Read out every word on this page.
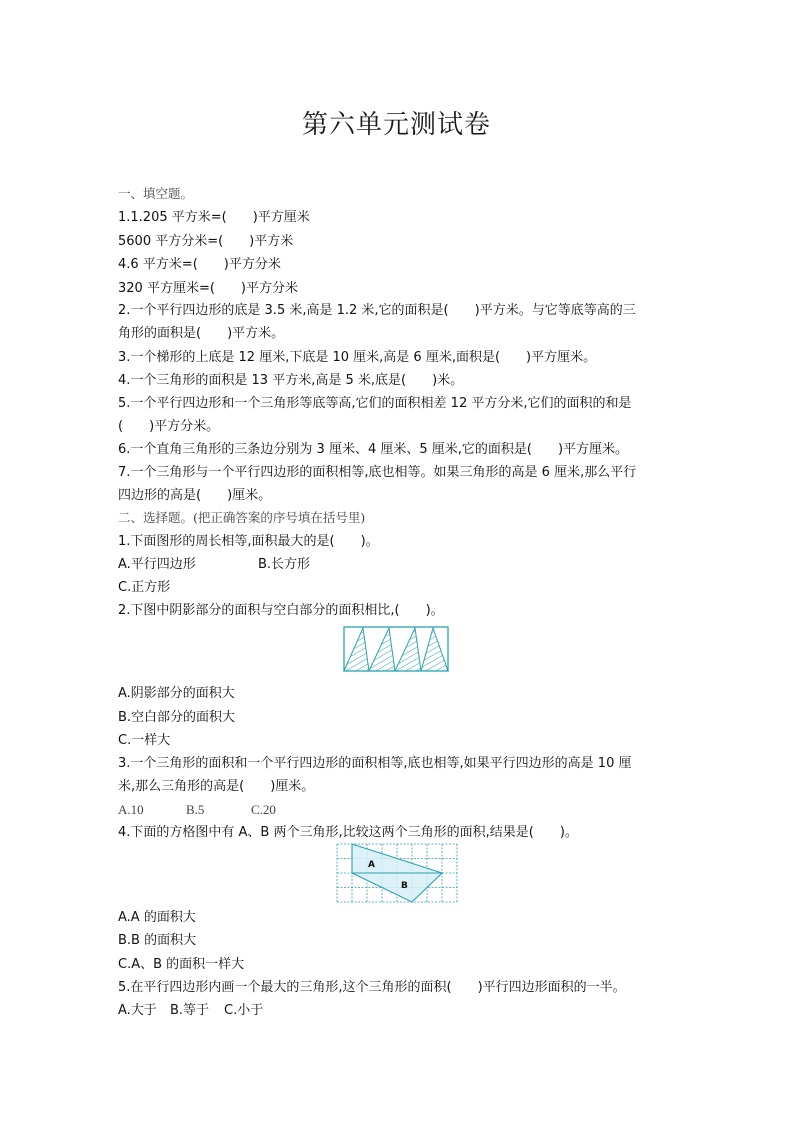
第六单元测试卷
一、填空题。
1.1.205 平方米=(　　)平方厘米
5600 平方分米=(　　)平方米
4.6 平方米=(　　)平方分米
320 平方厘米=(　　)平方分米
2.一个平行四边形的底是 3.5 米,高是 1.2 米,它的面积是(　　)平方米。与它等底等高的三
角形的面积是(　　)平方米。
3.一个梯形的上底是 12 厘米,下底是 10 厘米,高是 6 厘米,面积是(　　)平方厘米。
4.一个三角形的面积是 13 平方米,高是 5 米,底是(　　)米。
5.一个平行四边形和一个三角形等底等高,它们的面积相差 12 平方分米,它们的面积的和是
(　　)平方分米。
6.一个直角三角形的三条边分别为 3 厘米、4 厘米、5 厘米,它的面积是(　　)平方厘米。
7.一个三角形与一个平行四边形的面积相等,底也相等。如果三角形的高是 6 厘米,那么平行
四边形的高是(　　)厘米。
二、选择题。(把正确答案的序号填在括号里)
1.下面图形的周长相等,面积最大的是(　　)。
A.平行四边形	B.长方形
C.正方形
2.下图中阴影部分的面积与空白部分的面积相比,(　　)。
A.阴影部分的面积大
B.空白部分的面积大
C.一样大
3.一个三角形的面积和一个平行四边形的面积相等,底也相等,如果平行四边形的高是 10 厘
米,那么三角形的高是(　　)厘米。
A.10	B.5	C.20
4.下面的方格图中有 A、B 两个三角形,比较这两个三角形的面积,结果是(　　)。
A
B
A.A 的面积大
B.B 的面积大
C.A、B 的面积一样大
5.在平行四边形内画一个最大的三角形,这个三角形的面积(　　)平行四边形面积的一半。
A.大于 B.等于 C.小于
